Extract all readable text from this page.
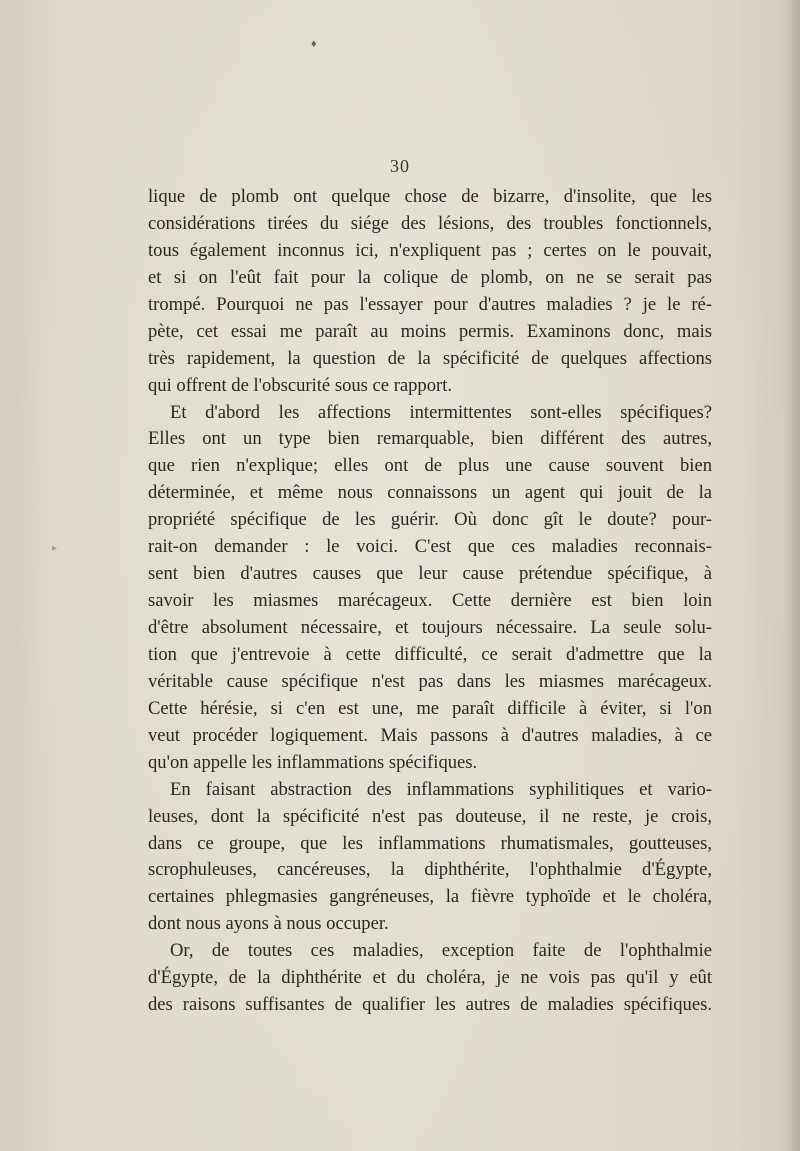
♦
▸
30
lique de plomb ont quelque chose de bizarre, d'insolite, que les
considérations tirées du siége des lésions, des troubles fonctionnels,
tous également inconnus ici, n'expliquent pas ; certes on le pouvait,
et si on l'eût fait pour la colique de plomb, on ne se serait pas
trompé. Pourquoi ne pas l'essayer pour d'autres maladies ? je le ré-
pète, cet essai me paraît au moins permis. Examinons donc, mais
très rapidement, la question de la spécificité de quelques affections
qui offrent de l'obscurité sous ce rapport.
Et d'abord les affections intermittentes sont-elles spécifiques?
Elles ont un type bien remarquable, bien différent des autres,
que rien n'explique; elles ont de plus une cause souvent bien
déterminée, et même nous connaissons un agent qui jouit de la
propriété spécifique de les guérir. Où donc gît le doute? pour-
rait-on demander : le voici. C'est que ces maladies reconnais-
sent bien d'autres causes que leur cause prétendue spécifique, à
savoir les miasmes marécageux. Cette dernière est bien loin
d'être absolument nécessaire, et toujours nécessaire. La seule solu-
tion que j'entrevoie à cette difficulté, ce serait d'admettre que la
véritable cause spécifique n'est pas dans les miasmes marécageux.
Cette hérésie, si c'en est une, me paraît difficile à éviter, si l'on
veut procéder logiquement. Mais passons à d'autres maladies, à ce
qu'on appelle les inflammations spécifiques.
En faisant abstraction des inflammations syphilitiques et vario-
leuses, dont la spécificité n'est pas douteuse, il ne reste, je crois,
dans ce groupe, que les inflammations rhumatismales, goutteuses,
scrophuleuses, cancéreuses, la diphthérite, l'ophthalmie d'Égypte,
certaines phlegmasies gangréneuses, la fièvre typhoïde et le choléra,
dont nous ayons à nous occuper.
Or, de toutes ces maladies, exception faite de l'ophthalmie
d'Égypte, de la diphthérite et du choléra, je ne vois pas qu'il y eût
des raisons suffisantes de qualifier les autres de maladies spécifiques.
